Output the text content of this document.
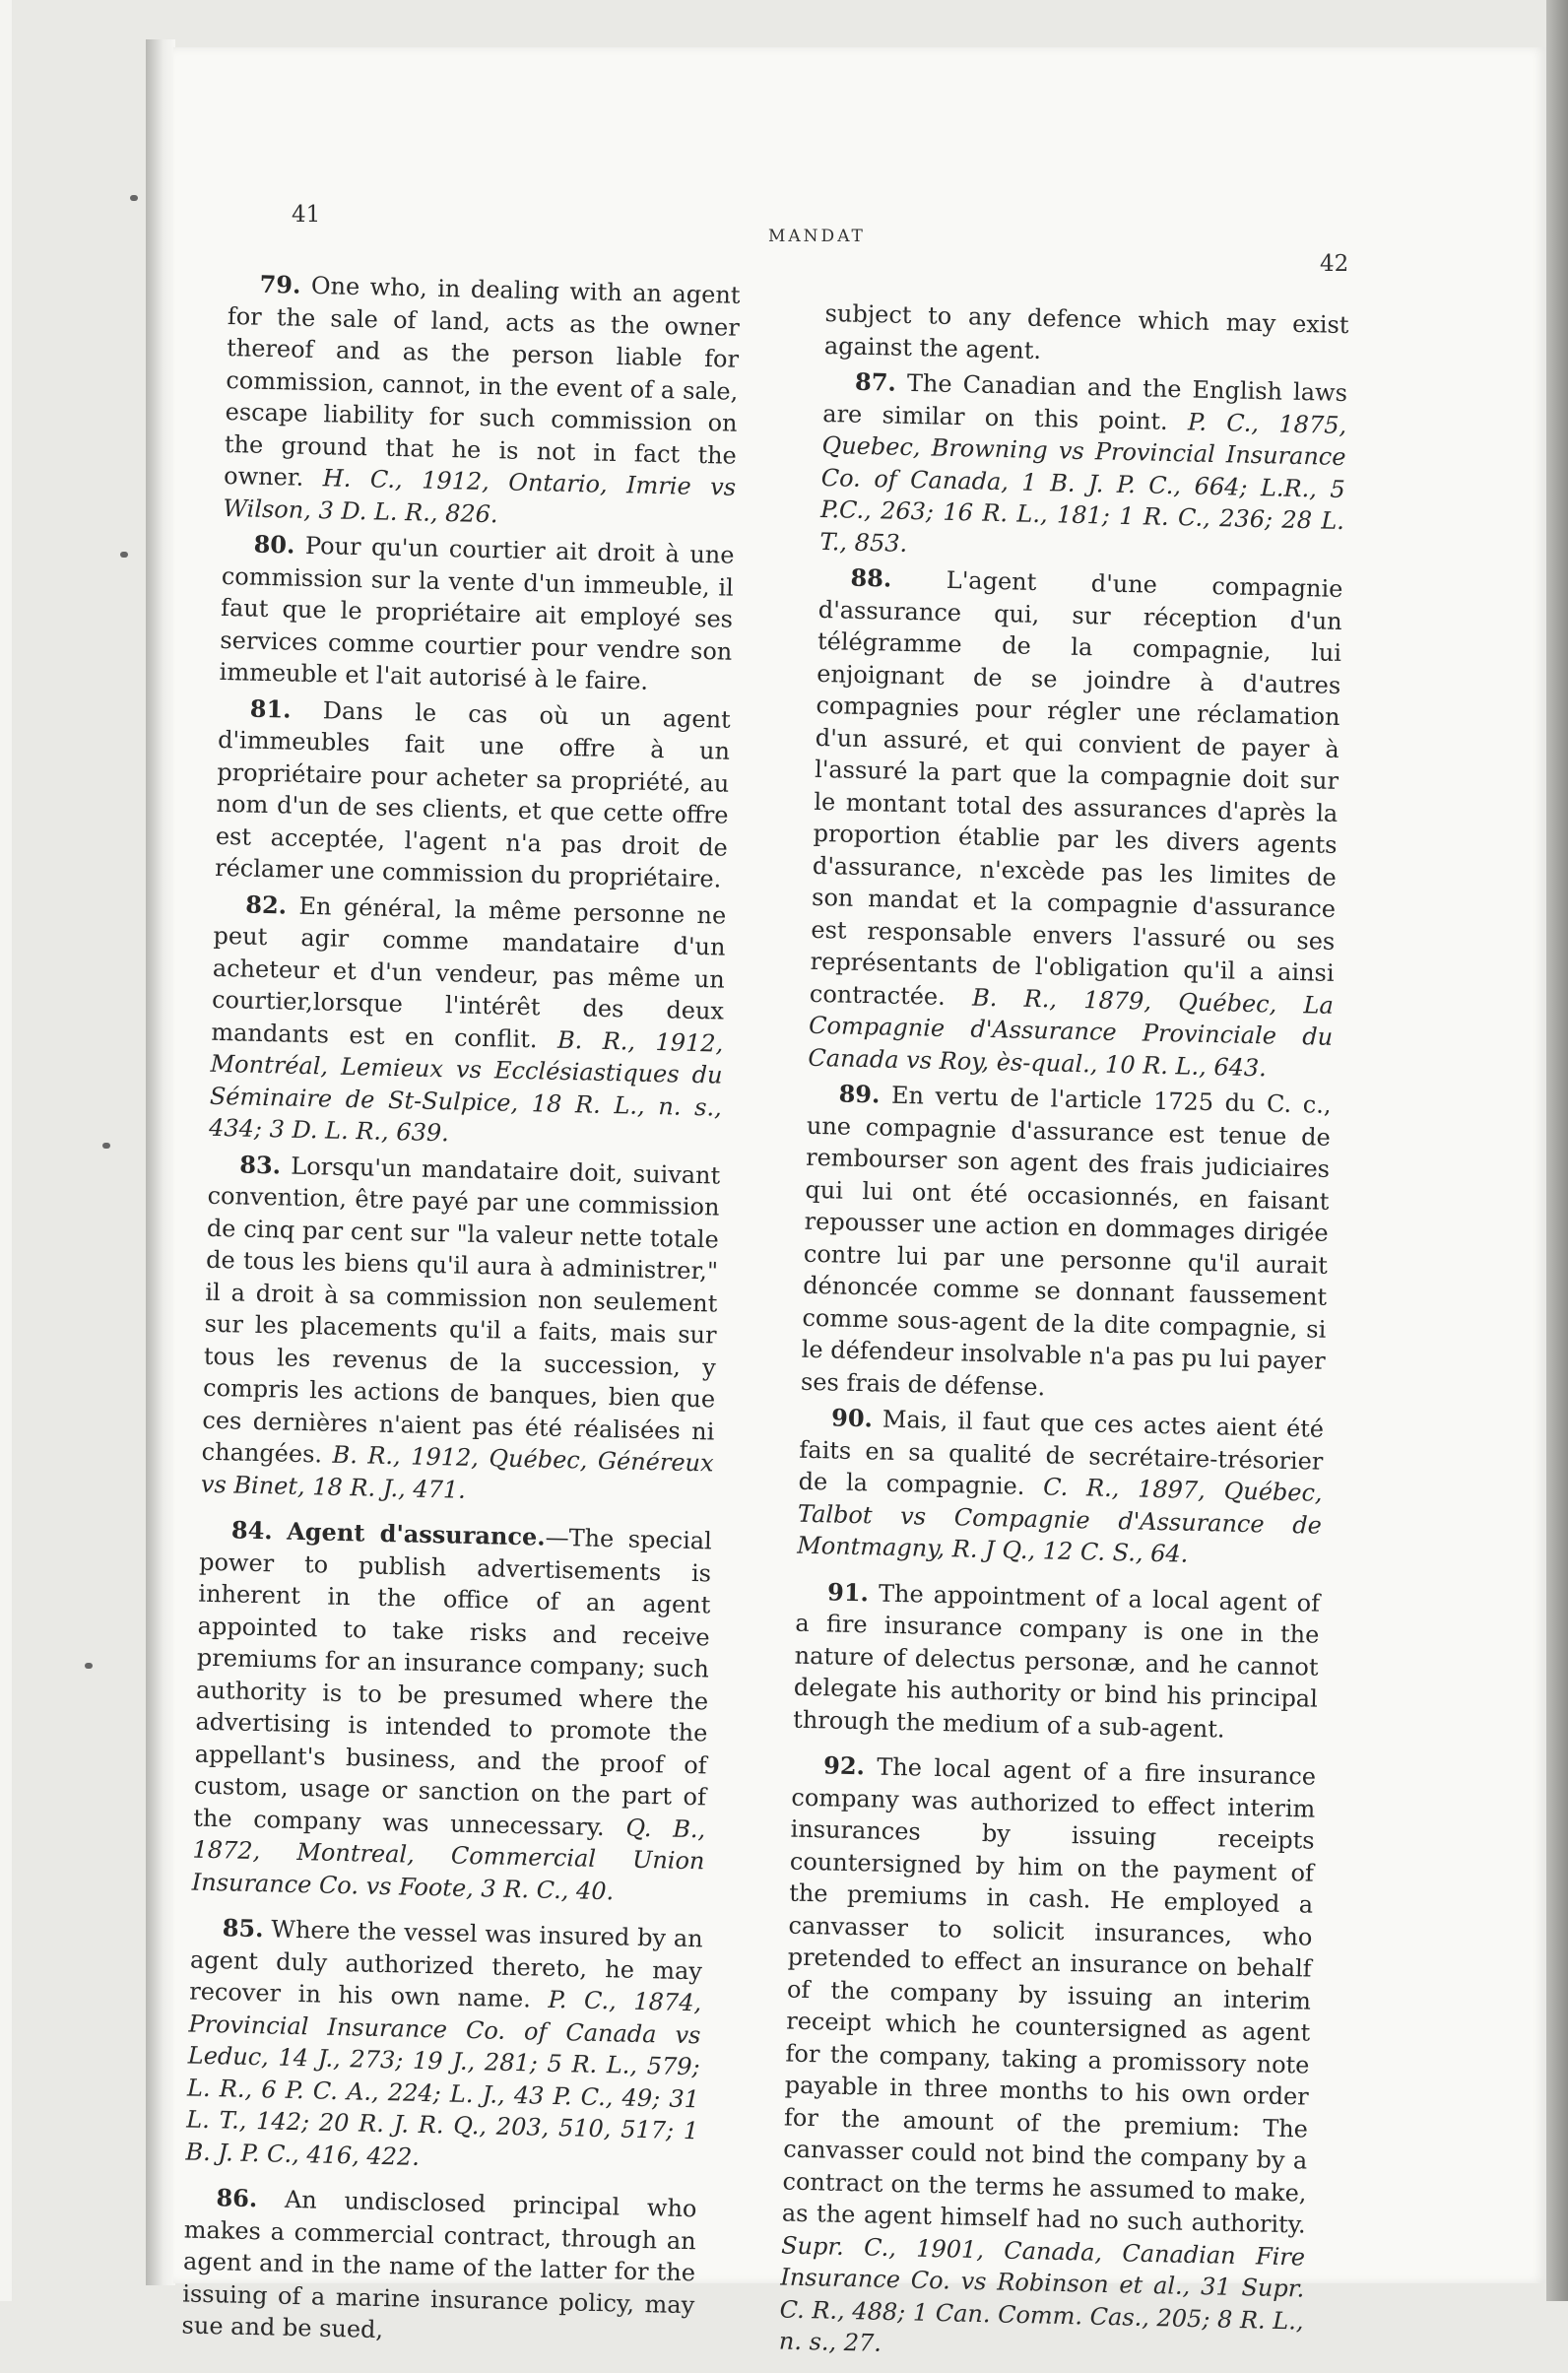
41
MANDAT
42

79. One who, in dealing with an agent for the sale of land, acts as the owner thereof and as the person liable for commission, cannot, in the event of a sale, escape liability for such commission on the ground that he is not in fact the owner. H. C., 1912, Ontario, Imrie vs Wilson, 3 D. L. R., 826.

80. Pour qu'un courtier ait droit à une commission sur la vente d'un immeuble, il faut que le propriétaire ait employé ses services comme courtier pour vendre son immeuble et l'ait autorisé à le faire.

81. Dans le cas où un agent d'immeubles fait une offre à un propriétaire pour acheter sa propriété, au nom d'un de ses clients, et que cette offre est acceptée, l'agent n'a pas droit de réclamer une commission du propriétaire.

82. En général, la même personne ne peut agir comme mandataire d'un acheteur et d'un vendeur, pas même un courtier,lorsque l'intérêt des deux mandants est en conflit. B. R., 1912, Montréal, Lemieux vs Ecclésiastiques du Séminaire de St-Sulpice, 18 R. L., n. s., 434; 3 D. L. R., 639.

83. Lorsqu'un mandataire doit, suivant convention, être payé par une commission de cinq par cent sur "la valeur nette totale de tous les biens qu'il aura à administrer," il a droit à sa commission non seulement sur les placements qu'il a faits, mais sur tous les revenus de la succession, y compris les actions de banques, bien que ces dernières n'aient pas été réalisées ni changées. B. R., 1912, Québec, Généreux vs Binet, 18 R. J., 471.

84. Agent d'assurance.—The special power to publish advertisements is inherent in the office of an agent appointed to take risks and receive premiums for an insurance company; such authority is to be presumed where the advertising is intended to promote the appellant's business, and the proof of custom, usage or sanction on the part of the company was unnecessary. Q. B., 1872, Montreal, Commercial Union Insurance Co. vs Foote, 3 R. C., 40.

85. Where the vessel was insured by an agent duly authorized thereto, he may recover in his own name. P. C., 1874, Provincial Insurance Co. of Canada vs Leduc, 14 J., 273; 19 J., 281; 5 R. L., 579; L. R., 6 P. C. A., 224; L. J., 43 P. C., 49; 31 L. T., 142; 20 R. J. R. Q., 203, 510, 517; 1 B. J. P. C., 416, 422.

86. An undisclosed principal who makes a commercial contract, through an agent and in the name of the latter for the issuing of a marine insurance policy, may sue and be sued,

subject to any defence which may exist against the agent.

87. The Canadian and the English laws are similar on this point. P. C., 1875, Quebec, Browning vs Provincial Insurance Co. of Canada, 1 B. J. P. C., 664; L.R., 5 P.C., 263; 16 R. L., 181; 1 R. C., 236; 28 L. T., 853.

88. L'agent d'une compagnie d'assurance qui, sur réception d'un télégramme de la compagnie, lui enjoignant de se joindre à d'autres compagnies pour régler une réclamation d'un assuré, et qui convient de payer à l'assuré la part que la compagnie doit sur le montant total des assurances d'après la proportion établie par les divers agents d'assurance, n'excède pas les limites de son mandat et la compagnie d'assurance est responsable envers l'assuré ou ses représentants de l'obligation qu'il a ainsi contractée. B. R., 1879, Québec, La Compagnie d'Assurance Provinciale du Canada vs Roy, ès-qual., 10 R. L., 643.

89. En vertu de l'article 1725 du C. c., une compagnie d'assurance est tenue de rembourser son agent des frais judiciaires qui lui ont été occasionnés, en faisant repousser une action en dommages dirigée contre lui par une personne qu'il aurait dénoncée comme se donnant faussement comme sous-agent de la dite compagnie, si le défendeur insolvable n'a pas pu lui payer ses frais de défense.

90. Mais, il faut que ces actes aient été faits en sa qualité de secrétaire-trésorier de la compagnie. C. R., 1897, Québec, Talbot vs Compagnie d'Assurance de Montmagny, R. J Q., 12 C. S., 64.

91. The appointment of a local agent of a fire insurance company is one in the nature of delectus personæ, and he cannot delegate his authority or bind his principal through the medium of a sub-agent.

92. The local agent of a fire insurance company was authorized to effect interim insurances by issuing receipts countersigned by him on the payment of the premiums in cash. He employed a canvasser to solicit insurances, who pretended to effect an insurance on behalf of the company by issuing an interim receipt which he countersigned as agent for the company, taking a promissory note payable in three months to his own order for the amount of the premium: The canvasser could not bind the company by a contract on the terms he assumed to make, as the agent himself had no such authority. Supr. C., 1901, Canada, Canadian Fire Insurance Co. vs Robinson et al., 31 Supr. C. R., 488; 1 Can. Comm. Cas., 205; 8 R. L., n. s., 27.
